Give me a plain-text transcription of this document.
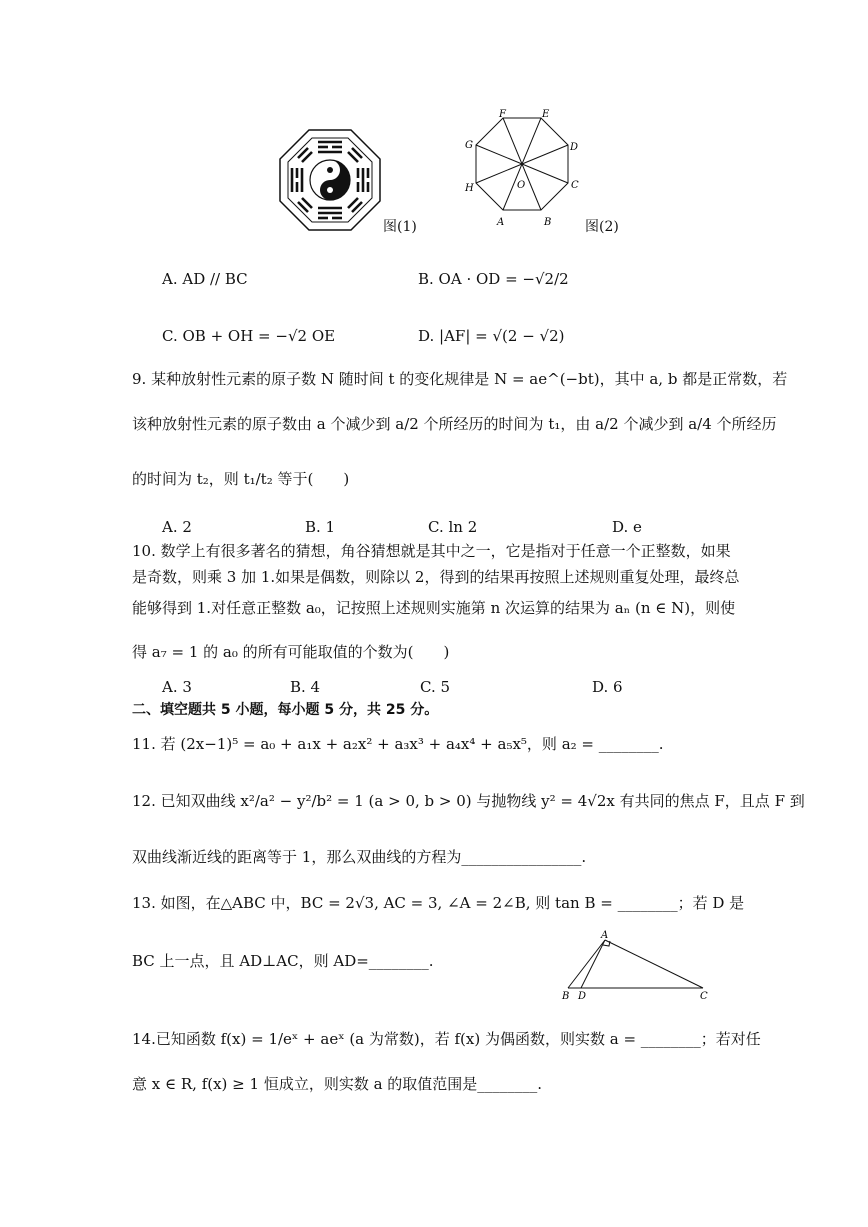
图(1)
F	E
G	D
H	O	C
A	B 图(2)
A. AD // BC	B. OA · OD = −√2/2
C. OB + OH = −√2 OE	D. |AF| = √(2 − √2)
9. 某种放射性元素的原子数 N 随时间 t 的变化规律是 N = ae^(−bt)，其中 a, b 都是正常数，若
该种放射性元素的原子数由 a 个减少到 a/2 个所经历的时间为 t₁，由 a/2 个减少到 a/4 个所经历
的时间为 t₂，则 t₁/t₂ 等于(　　)
A. 2	B. 1	C. ln 2	D. e
10. 数学上有很多著名的猜想，角谷猜想就是其中之一，它是指对于任意一个正整数，如果
是奇数，则乘 3 加 1.如果是偶数，则除以 2，得到的结果再按照上述规则重复处理，最终总
能够得到 1.对任意正整数 a₀，记按照上述规则实施第 n 次运算的结果为 aₙ (n ∈ N)，则使
得 a₇ = 1 的 a₀ 的所有可能取值的个数为(　　)
A. 3	B. 4	C. 5	D. 6
二、填空题共 5 小题，每小题 5 分，共 25 分。
11. 若 (2x−1)⁵ = a₀ + a₁x + a₂x² + a₃x³ + a₄x⁴ + a₅x⁵，则 a₂ = ________.
12. 已知双曲线 x²/a² − y²/b² = 1 (a > 0, b > 0) 与抛物线 y² = 4√2x 有共同的焦点 F，且点 F 到
双曲线渐近线的距离等于 1，那么双曲线的方程为________________.
13. 如图，在△ABC 中，BC = 2√3, AC = 3, ∠A = 2∠B, 则 tan B = ________；若 D 是
BC 上一点，且 AD⊥AC，则 AD=________.
A
B D	C
14.已知函数 f(x) = 1/eˣ + aeˣ (a 为常数)，若 f(x) 为偶函数，则实数 a = ________；若对任
意 x ∈ R, f(x) ≥ 1 恒成立，则实数 a 的取值范围是________.
